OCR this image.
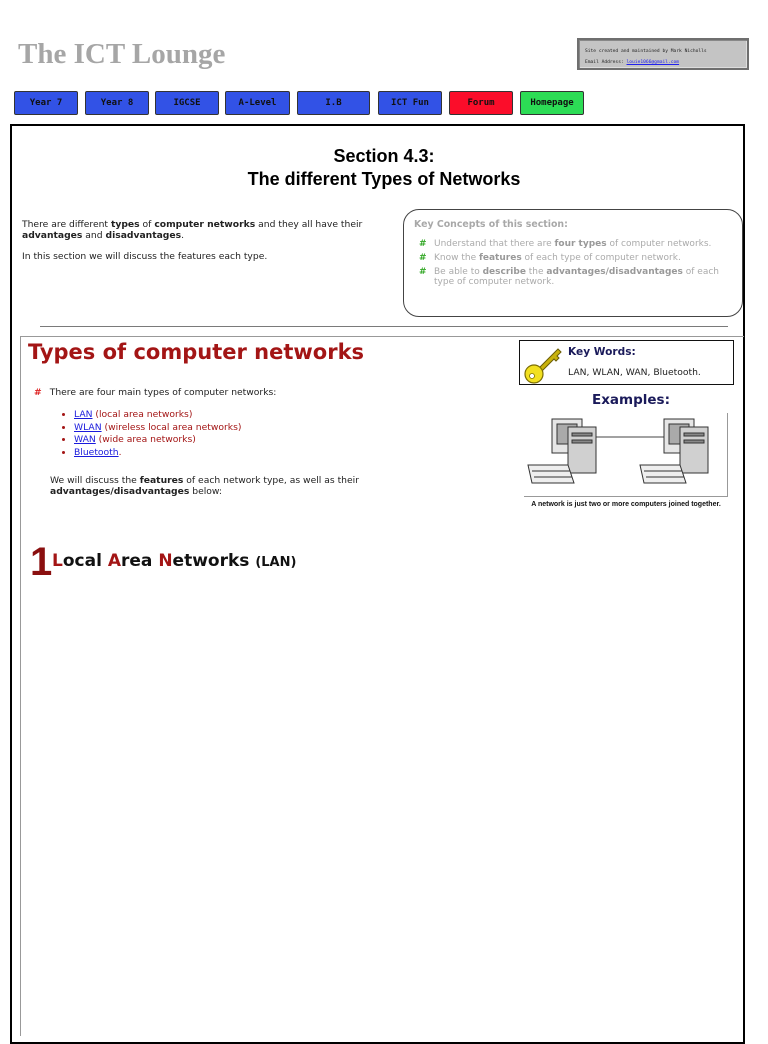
The ICT Lounge	Site created and maintained by Mark Nicholls
Email Address: louie1066@gmail.com
Year 7	Year 8	IGCSE	A-Level	I.B	ICT Fun	Forum	Homepage
Section 4.3:
The different Types of Networks

There are different types of computer networks and they all have their advantages and disadvantages.

In this section we will discuss the features each type.

Key Concepts of this section:
# Understand that there are four types of computer networks.
# Know the features of each type of computer network.
# Be able to describe the advantages/disadvantages of each type of computer network.
Types of computer networks
# There are four main types of computer networks:
• LAN (local area networks)
• WLAN (wireless local area networks)
• WAN (wide area networks)
• Bluetooth.
We will discuss the features of each network type, as well as their advantages/disadvantages below:
Key Words:
LAN, WLAN, WAN, Bluetooth.
Examples:
A network is just two or more computers joined together.
1 Local Area Networks (LAN)
